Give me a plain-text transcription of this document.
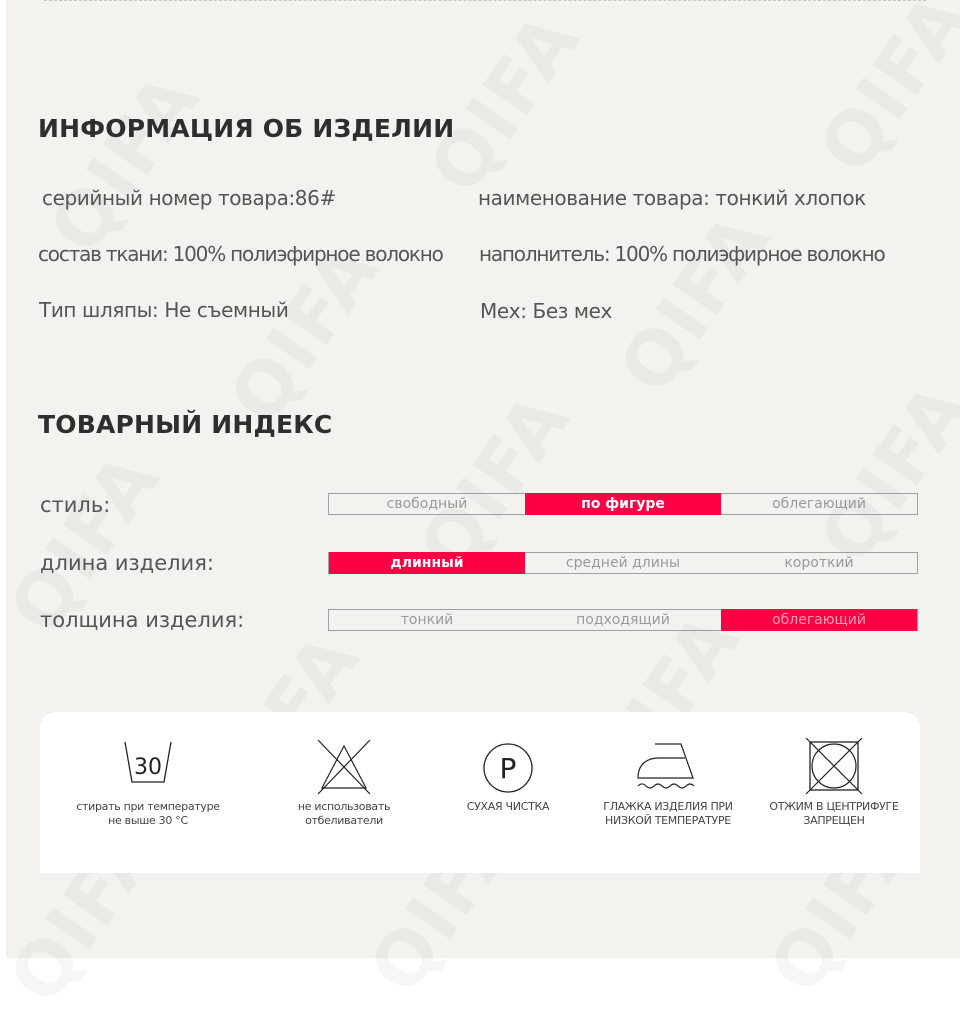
ИНФОРМАЦИЯ ОБ ИЗДЕЛИИ
серийный номер товара:86#	наименование товара: тонкий хлопок
состав ткани: 100% полиэфирное волокно наполнитель: 100% полиэфирное волокно
Тип шляпы: Не съемный	Мех: Без мех
ТОВАРНЫЙ ИНДЕКС
стиль:	свободный	по фигуре	облегающий
длина изделия:	длинный	средней длины	короткий
толщина изделия:	тонкий	подходящий	облегающий
30
стирать при температуре
не выше 30 °С
не использовать
отбеливатели
P
СУХАЯ ЧИСТКА	ГЛАЖКА ИЗДЕЛИЯ ПРИ
НИЗКОЙ ТЕМПЕРАТУРЕ
ОТЖИМ В ЦЕНТРИФУГЕ
ЗАПРЕЩЕН
